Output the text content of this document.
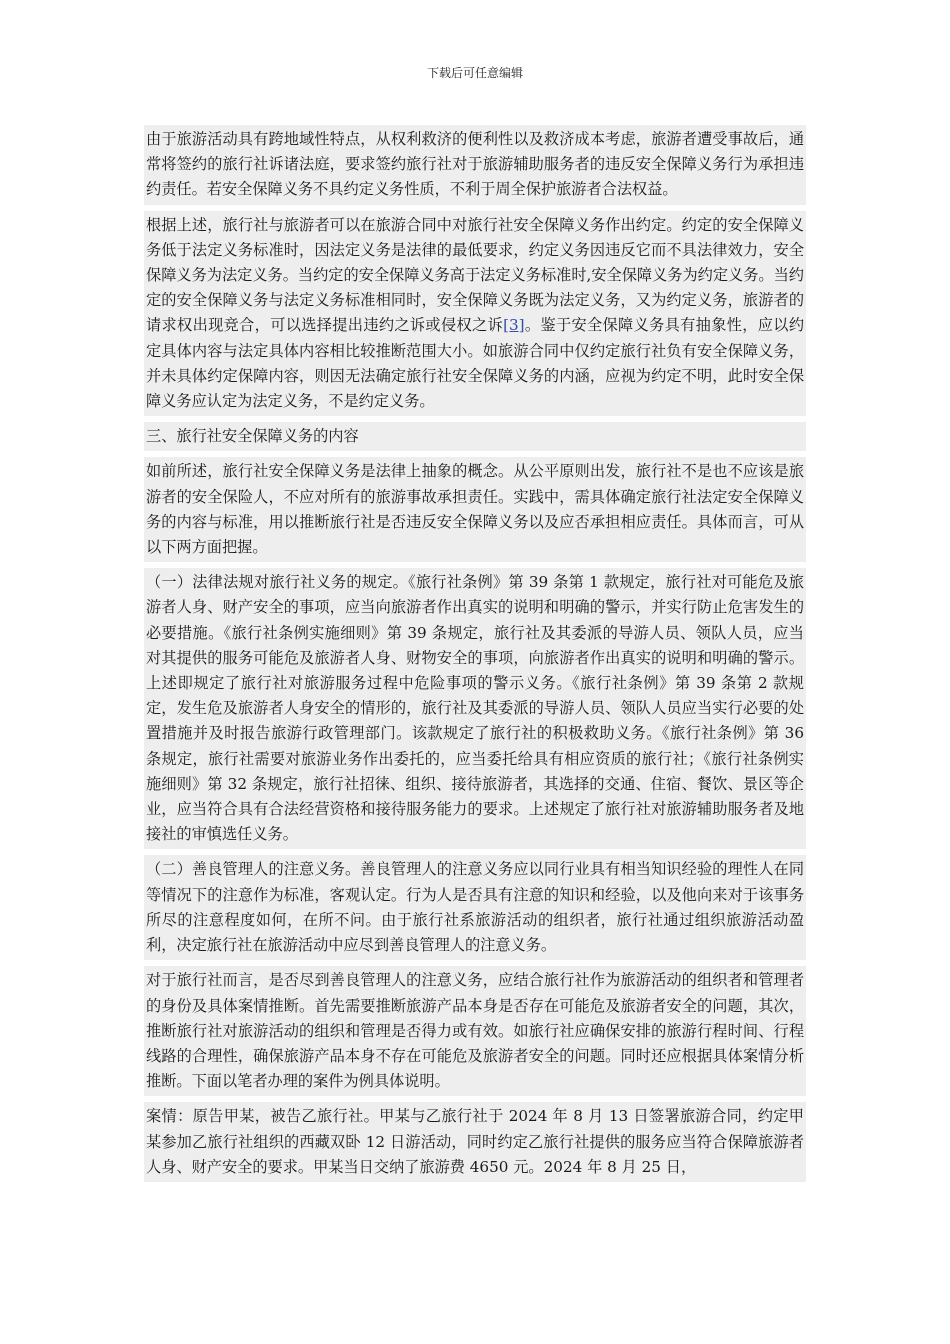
下载后可任意编辑

由于旅游活动具有跨地域性特点，从权利救济的便利性以及救济成本考虑，旅游者遭受事故后，通常将签约的旅行社诉诸法庭，要求签约旅行社对于旅游辅助服务者的违反安全保障义务行为承担违约责任。若安全保障义务不具约定义务性质，不利于周全保护旅游者合法权益。

根据上述，旅行社与旅游者可以在旅游合同中对旅行社安全保障义务作出约定。约定的安全保障义务低于法定义务标准时，因法定义务是法律的最低要求，约定义务因违反它而不具法律效力，安全保障义务为法定义务。当约定的安全保障义务高于法定义务标准时,安全保障义务为约定义务。当约定的安全保障义务与法定义务标准相同时，安全保障义务既为法定义务，又为约定义务，旅游者的请求权出现竞合，可以选择提出违约之诉或侵权之诉[3]。鉴于安全保障义务具有抽象性，应以约定具体内容与法定具体内容相比较推断范围大小。如旅游合同中仅约定旅行社负有安全保障义务，并未具体约定保障内容，则因无法确定旅行社安全保障义务的内涵，应视为约定不明，此时安全保障义务应认定为法定义务，不是约定义务。

三、旅行社安全保障义务的内容

如前所述，旅行社安全保障义务是法律上抽象的概念。从公平原则出发，旅行社不是也不应该是旅游者的安全保险人，不应对所有的旅游事故承担责任。实践中，需具体确定旅行社法定安全保障义务的内容与标准，用以推断旅行社是否违反安全保障义务以及应否承担相应责任。具体而言，可从以下两方面把握。

（一）法律法规对旅行社义务的规定。《旅行社条例》第 39 条第 1 款规定，旅行社对可能危及旅游者人身、财产安全的事项，应当向旅游者作出真实的说明和明确的警示，并实行防止危害发生的必要措施。《旅行社条例实施细则》第 39 条规定，旅行社及其委派的导游人员、领队人员，应当对其提供的服务可能危及旅游者人身、财物安全的事项，向旅游者作出真实的说明和明确的警示。上述即规定了旅行社对旅游服务过程中危险事项的警示义务。《旅行社条例》第 39 条第 2 款规定，发生危及旅游者人身安全的情形的，旅行社及其委派的导游人员、领队人员应当实行必要的处置措施并及时报告旅游行政管理部门。该款规定了旅行社的积极救助义务。《旅行社条例》第 36 条规定，旅行社需要对旅游业务作出委托的，应当委托给具有相应资质的旅行社；《旅行社条例实施细则》第 32 条规定，旅行社招徕、组织、接待旅游者，其选择的交通、住宿、餐饮、景区等企业，应当符合具有合法经营资格和接待服务能力的要求。上述规定了旅行社对旅游辅助服务者及地接社的审慎选任义务。

（二）善良管理人的注意义务。善良管理人的注意义务应以同行业具有相当知识经验的理性人在同等情况下的注意作为标准，客观认定。行为人是否具有注意的知识和经验，以及他向来对于该事务所尽的注意程度如何，在所不问。由于旅行社系旅游活动的组织者，旅行社通过组织旅游活动盈利，决定旅行社在旅游活动中应尽到善良管理人的注意义务。

对于旅行社而言，是否尽到善良管理人的注意义务，应结合旅行社作为旅游活动的组织者和管理者的身份及具体案情推断。首先需要推断旅游产品本身是否存在可能危及旅游者安全的问题，其次，推断旅行社对旅游活动的组织和管理是否得力或有效。如旅行社应确保安排的旅游行程时间、行程线路的合理性，确保旅游产品本身不存在可能危及旅游者安全的问题。同时还应根据具体案情分析推断。下面以笔者办理的案件为例具体说明。

案情：原告甲某，被告乙旅行社。甲某与乙旅行社于 2024 年 8 月 13 日签署旅游合同，约定甲某参加乙旅行社组织的西藏双卧 12 日游活动，同时约定乙旅行社提供的服务应当符合保障旅游者人身、财产安全的要求。甲某当日交纳了旅游费 4650 元。2024 年 8 月 25 日，
